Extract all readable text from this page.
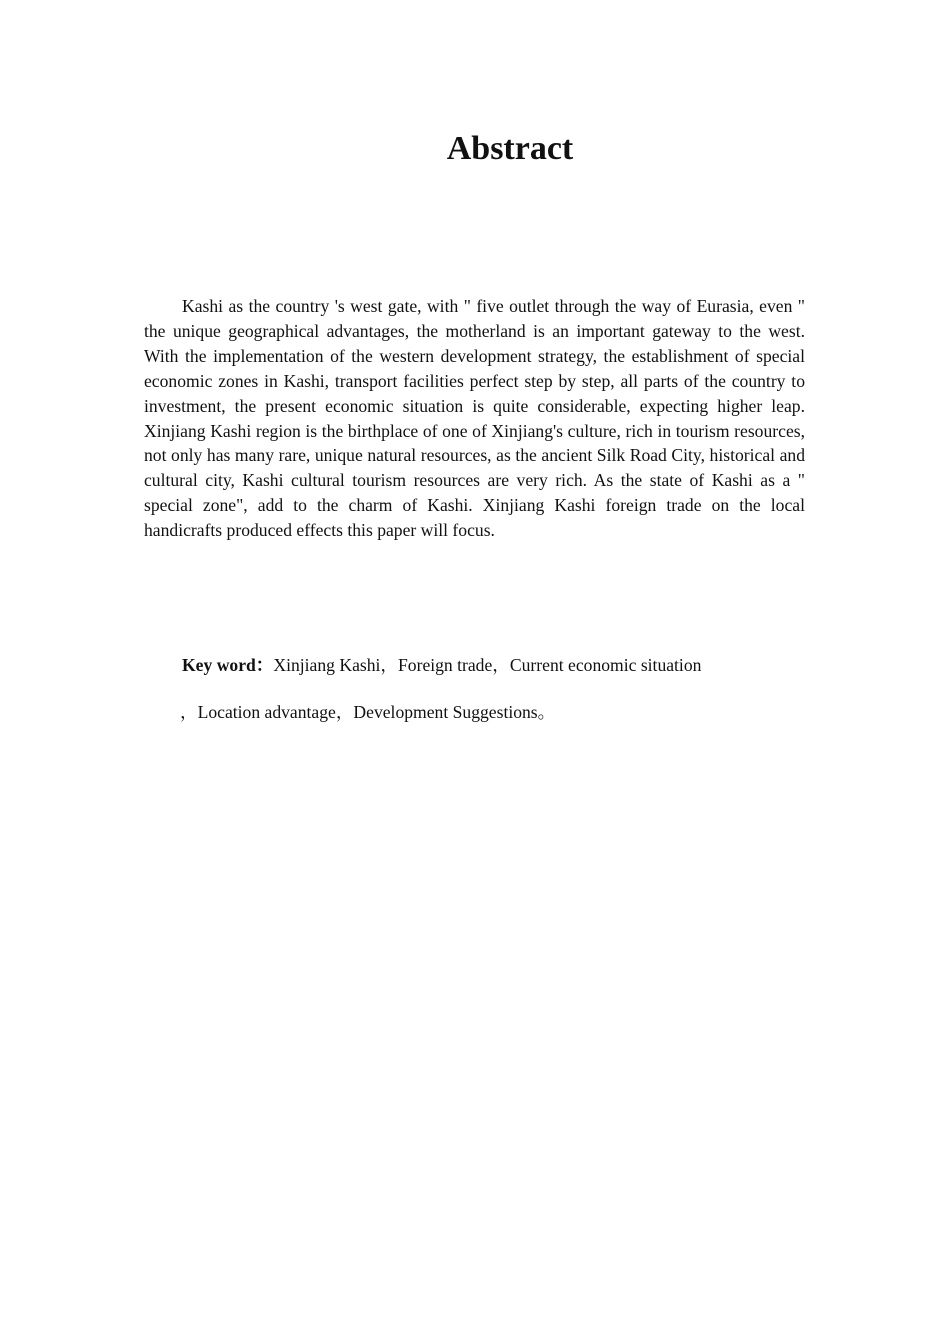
Abstract

Kashi as the country 's west gate, with " five outlet through the way of Eurasia, even " the unique geographical advantages, the motherland is an important gateway to the west. With the implementation of the western development strategy, the establishment of special economic zones in Kashi, transport facilities perfect step by step, all parts of the country to investment, the present economic situation is quite considerable, expecting higher leap. Xinjiang Kashi region is the birthplace of one of Xinjiang's culture, rich in tourism resources, not only has many rare, unique natural resources, as the ancient Silk Road City, historical and cultural city, Kashi cultural tourism resources are very rich. As the state of Kashi as a " special zone", add to the charm of Kashi. Xinjiang Kashi foreign trade on the local handicrafts produced effects this paper will focus.

Key word：Xinjiang Kashi，Foreign trade，Current economic situation

，Location advantage，Development Suggestions。
